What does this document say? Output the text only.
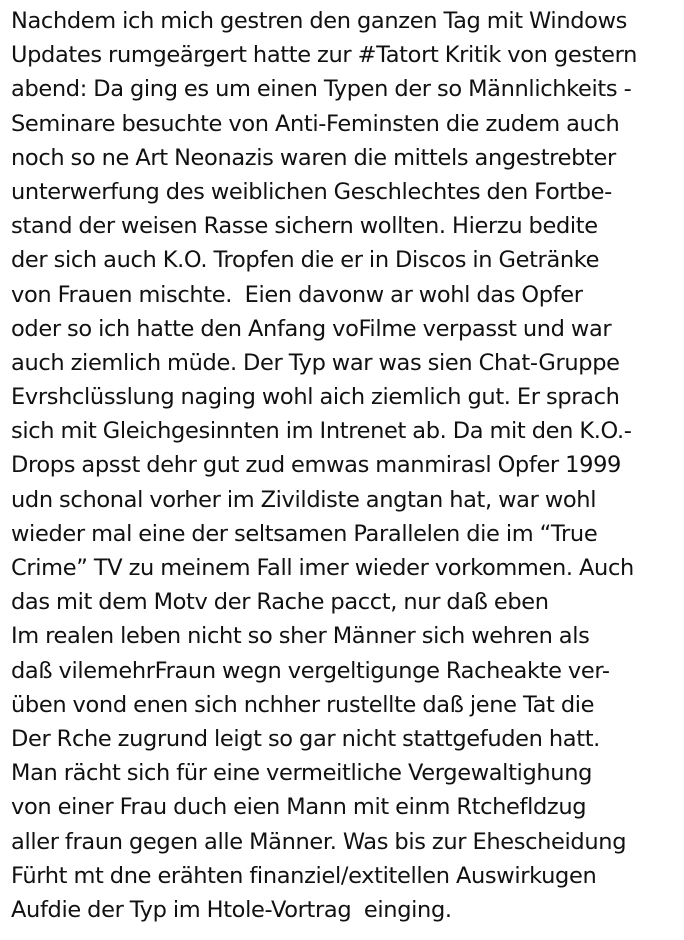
Nachdem ich mich gestren den ganzen Tag mit Windows
Updates rumgeärgert hatte zur #Tatort Kritik von gestern
abend: Da ging es um einen Typen der so Männlichkeits -
Seminare besuchte von Anti-Feminsten die zudem auch
noch so ne Art Neonazis waren die mittels angestrebter
unterwerfung des weiblichen Geschlechtes den Fortbe-
stand der weisen Rasse sichern wollten. Hierzu bedite
der sich auch K.O. Tropfen die er in Discos in Getränke
von Frauen mischte.  Eien davonw ar wohl das Opfer
oder so ich hatte den Anfang voFilme verpasst und war
auch ziemlich müde. Der Typ war was sien Chat-Gruppe
Evrshclüsslung naging wohl aich ziemlich gut. Er sprach
sich mit Gleichgesinnten im Intrenet ab. Da mit den K.O.-
Drops apsst dehr gut zud emwas manmirasl Opfer 1999
udn schonal vorher im Zivildiste angtan hat, war wohl
wieder mal eine der seltsamen Parallelen die im “True
Crime” TV zu meinem Fall imer wieder vorkommen. Auch
das mit dem Motv der Rache pacct, nur daß eben
Im realen leben nicht so sher Männer sich wehren als
daß vilemehrFraun wegn vergeltigunge Racheakte ver-
üben vond enen sich nchher rustellte daß jene Tat die
Der Rche zugrund leigt so gar nicht stattgefuden hatt.
Man rächt sich für eine vermeitliche Vergewaltighung
von einer Frau duch eien Mann mit einm Rtchefldzug
aller fraun gegen alle Männer. Was bis zur Ehescheidung
Fürht mt dne erähten finanziel/extitellen Auswirkugen
Aufdie der Typ im Htole-Vortrag  einging.
